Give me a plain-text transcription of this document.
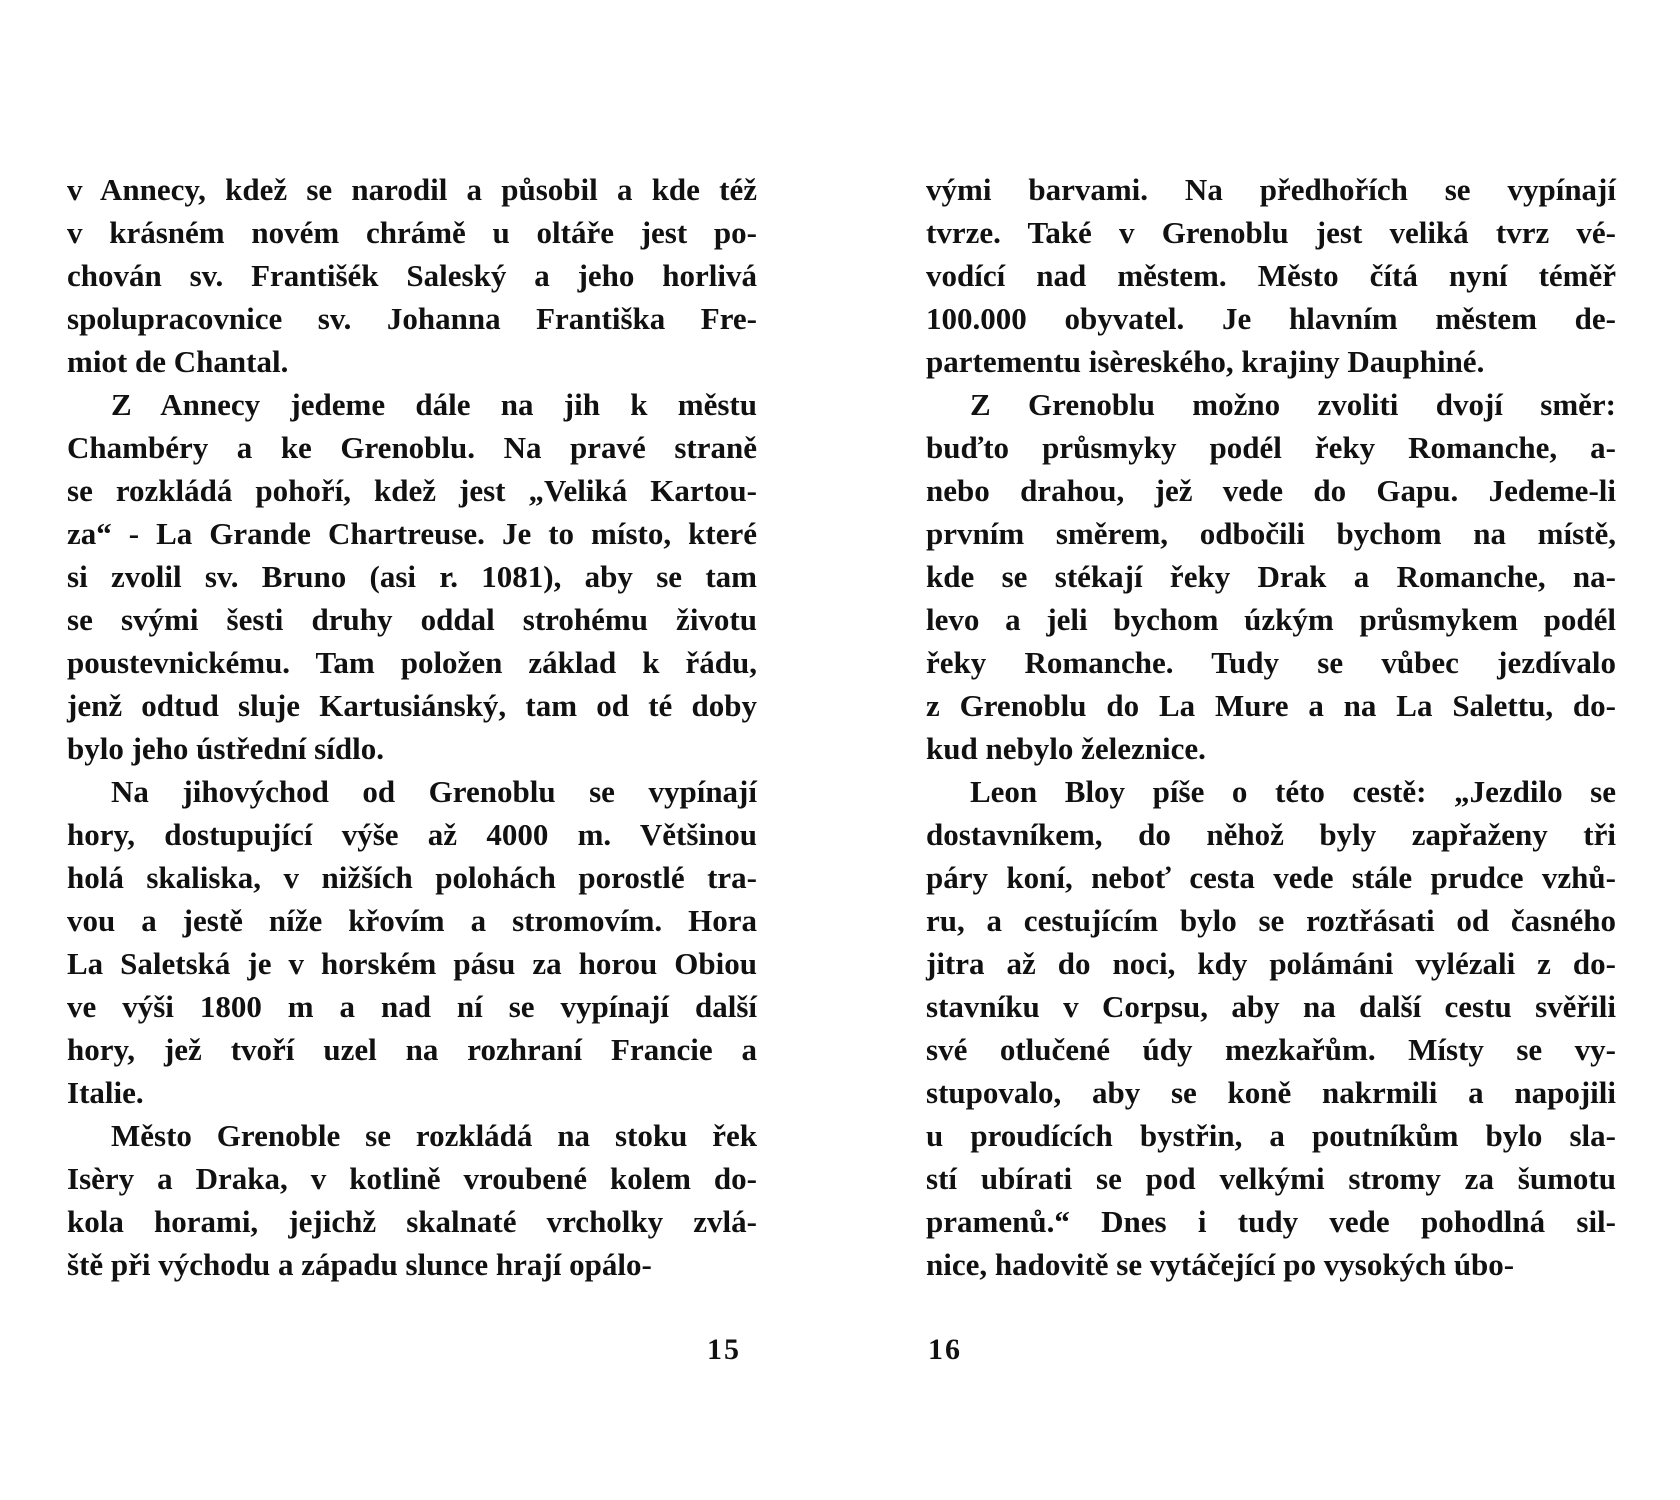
v Annecy, kdež se narodil a působil a kde též
v krásném novém chrámě u oltáře jest po-
chován sv. Františék Saleský a jeho horlivá
spolupracovnice sv. Johanna Františka Fre-
miot de Chantal.
Z Annecy jedeme dále na jih k městu
Chambéry a ke Grenoblu. Na pravé straně
se rozkládá pohoří, kdež jest „Veliká Kartou-
za“ - La Grande Chartreuse. Je to místo, které
si zvolil sv. Bruno (asi r. 1081), aby se tam
se svými šesti druhy oddal strohému životu
poustevnickému. Tam položen základ k řádu,
jenž odtud sluje Kartusiánský, tam od té doby
bylo jeho ústřední sídlo.
Na jihovýchod od Grenoblu se vypínají
hory, dostupující výše až 4000 m. Většinou
holá skaliska, v nižších polohách porostlé tra-
vou a jestě níže křovím a stromovím. Hora
La Saletská je v horském pásu za horou Obiou
ve výši 1800 m a nad ní se vypínají další
hory, jež tvoří uzel na rozhraní Francie a
Italie.
Město Grenoble se rozkládá na stoku řek
Isèry a Draka, v kotlině vroubené kolem do-
kola horami, jejichž skalnaté vrcholky zvlá-
ště při východu a západu slunce hrají opálo-
vými barvami. Na předhořích se vypínají
tvrze. Také v Grenoblu jest veliká tvrz vé-
vodící nad městem. Město čítá nyní téměř
100.000 obyvatel. Je hlavním městem de-
partementu isèreského, krajiny Dauphiné.
Z Grenoblu možno zvoliti dvojí směr:
buďto průsmyky podél řeky Romanche, a-
nebo drahou, jež vede do Gapu. Jedeme-li
prvním směrem, odbočili bychom na místě,
kde se stékají řeky Drak a Romanche, na-
levo a jeli bychom úzkým průsmykem podél
řeky Romanche. Tudy se vůbec jezdívalo
z Grenoblu do La Mure a na La Salettu, do-
kud nebylo železnice.
Leon Bloy píše o této cestě: „Jezdilo se
dostavníkem, do něhož byly zapřaženy tři
páry koní, neboť cesta vede stále prudce vzhů-
ru, a cestujícím bylo se roztřásati od časného
jitra až do noci, kdy polámáni vylézali z do-
stavníku v Corpsu, aby na další cestu svěřili
své otlučené údy mezkařům. Místy se vy-
stupovalo, aby se koně nakrmili a napojili
u proudících bystřin, a poutníkům bylo sla-
stí ubírati se pod velkými stromy za šumotu
pramenů.“ Dnes i tudy vede pohodlná sil-
nice, hadovitě se vytáčející po vysokých úbo-
15	16
